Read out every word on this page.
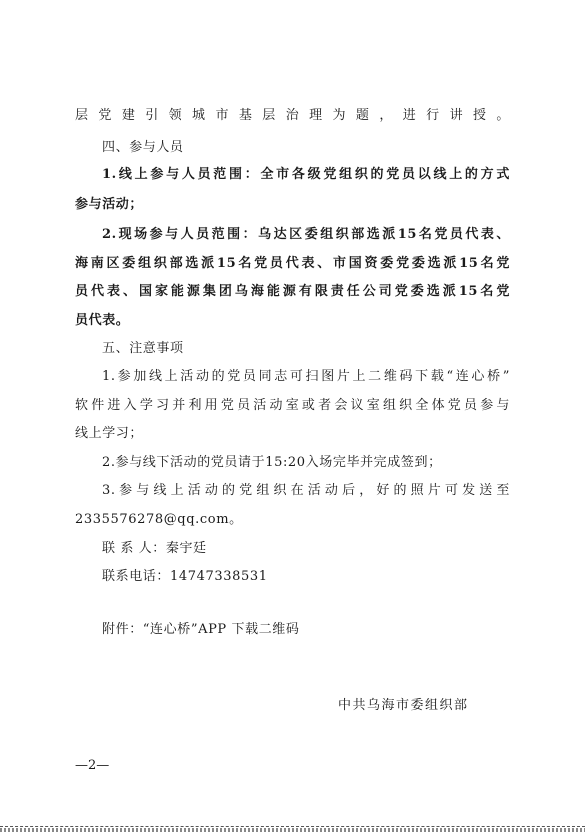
层党建引领城市基层治理为题，进行讲授。
四、参与人员
1.线上参与人员范围：全市各级党组织的党员以线上的方式
参与活动；
2.现场参与人员范围：乌达区委组织部选派15名党员代表、
海南区委组织部选派15名党员代表、市国资委党委选派15名党
员代表、国家能源集团乌海能源有限责任公司党委选派15名党
员代表。
五、注意事项
1.参加线上活动的党员同志可扫图片上二维码下载“连心桥”
软件进入学习并利用党员活动室或者会议室组织全体党员参与
线上学习；
2.参与线下活动的党员请于15:20入场完毕并完成签到；
3.参与线上活动的党组织在活动后，好的照片可发送至
2335576278@qq.com。
联 系 人：秦宇廷
联系电话：14747338531
附件：“连心桥”APP 下载二维码
中共乌海市委组织部
—2—
